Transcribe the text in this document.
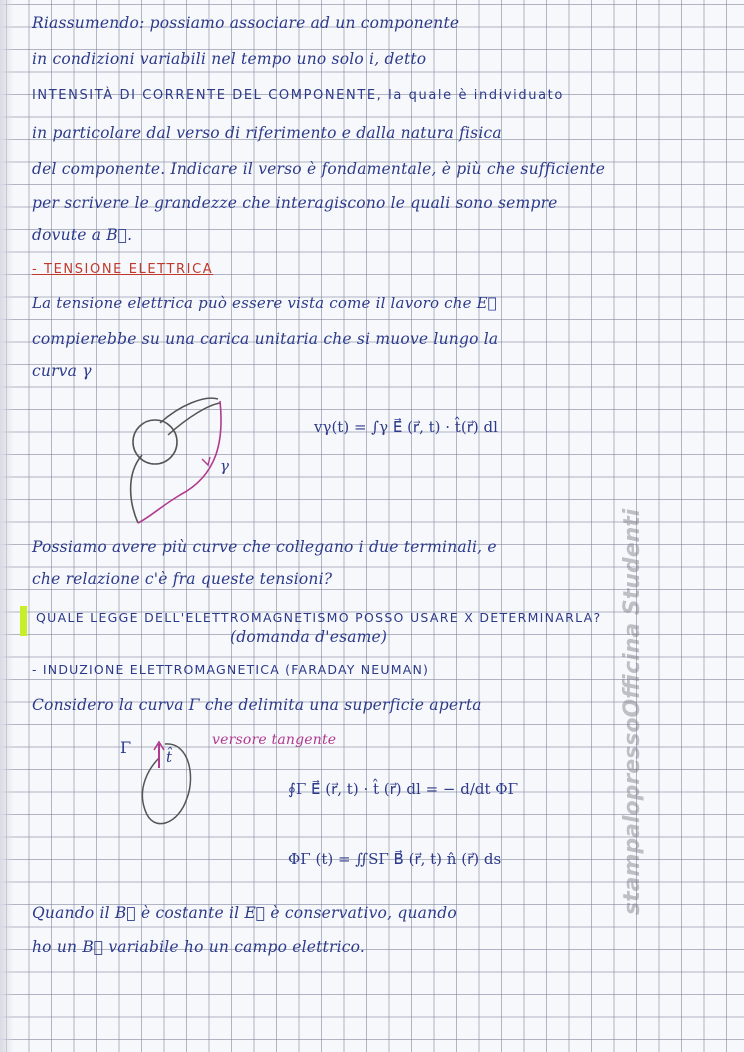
Riassumendo: possiamo associare ad un componente
in condizioni variabili nel tempo uno solo i, detto
INTENSITÀ DI CORRENTE DEL COMPONENTE, la quale è individuato
in particolare dal verso di riferimento e dalla natura fisica
del componente. Indicare il verso è fondamentale, è più che sufficiente
per scrivere le grandezze che interagiscono le quali sono sempre
dovute a B⃗.
- TENSIONE ELETTRICA
La tensione elettrica può essere vista come il lavoro che E⃗
compierebbe su una carica unitaria che si muove lungo la
curva γ
γ
vγ(t) = ∫γ E⃗ (r⃗, t) · t̂(r⃗) dl
Possiamo avere più curve che collegano i due terminali, e
che relazione c'è fra queste tensioni?
QUALE LEGGE DELL'ELETTROMAGNETISMO POSSO USARE X DETERMINARLA?
(domanda d'esame)
- INDUZIONE ELETTROMAGNETICA (FARADAY NEUMAN)
Considero la curva Γ che delimita una superficie aperta
Γ t̂
versore tangente
∮Γ E⃗ (r⃗, t) · t̂ (r⃗) dl = − d/dt ΦΓ
ΦΓ (t) = ∬SΓ B⃗ (r⃗, t) n̂ (r⃗) ds
Quando il B⃗ è costante il E⃗ è conservativo, quando
ho un B⃗ variabile ho un campo elettrico.
stampalopressoOfficina Studenti
